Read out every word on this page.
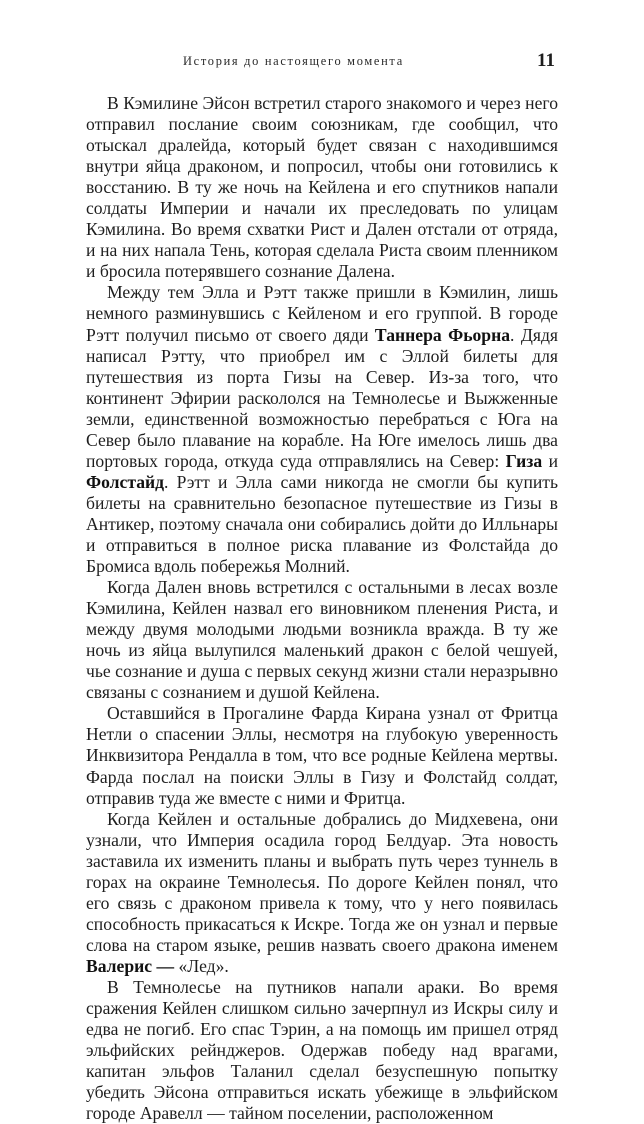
История до настоящего момента	11

В Кэмилине Эйсон встретил старого знакомого и через него отправил послание своим союзникам, где сообщил, что отыскал дралейда, который будет связан с находившимся внутри яйца драконом, и попросил, чтобы они готовились к восстанию. В ту же ночь на Кейлена и его спутников напали солдаты Империи и начали их преследовать по улицам Кэмилина. Во время схватки Рист и Дален отстали от отряда, и на них напала Тень, которая сделала Риста своим пленником и бросила потерявшего сознание Далена.

Между тем Элла и Рэтт также пришли в Кэмилин, лишь немного разминувшись с Кейленом и его группой. В городе Рэтт получил письмо от своего дяди Таннера Фьорна. Дядя написал Рэтту, что приобрел им с Эллой билеты для путешествия из порта Гизы на Север. Из-за того, что континент Эфирии раскололся на Темнолесье и Выжженные земли, единственной возможностью перебраться с Юга на Север было плавание на корабле. На Юге имелось лишь два портовых города, откуда суда отправлялись на Север: Гиза и Фолстайд. Рэтт и Элла сами никогда не смогли бы купить билеты на сравнительно безопасное путешествие из Гизы в Антикер, поэтому сначала они собирались дойти до Илльнары и отправиться в полное риска плавание из Фолстайда до Бромиса вдоль побережья Молний.

Когда Дален вновь встретился с остальными в лесах возле Кэмилина, Кейлен назвал его виновником пленения Риста, и между двумя молодыми людьми возникла вражда. В ту же ночь из яйца вылупился маленький дракон с белой чешуей, чье сознание и душа с первых секунд жизни стали неразрывно связаны с сознанием и душой Кейлена.

Оставшийся в Прогалине Фарда Кирана узнал от Фритца Нетли о спасении Эллы, несмотря на глубокую уверенность Инквизитора Рендалла в том, что все родные Кейлена мертвы. Фарда послал на поиски Эллы в Гизу и Фолстайд солдат, отправив туда же вместе с ними и Фритца.

Когда Кейлен и остальные добрались до Мидхевена, они узнали, что Империя осадила город Белдуар. Эта новость заставила их изменить планы и выбрать путь через туннель в горах на окраине Темнолесья. По дороге Кейлен понял, что его связь с драконом привела к тому, что у него появилась способность прикасаться к Искре. Тогда же он узнал и первые слова на старом языке, решив назвать своего дракона именем Валерис — «Лед».

В Темнолесье на путников напали араки. Во время сражения Кейлен слишком сильно зачерпнул из Искры силу и едва не погиб. Его спас Тэрин, а на помощь им пришел отряд эльфийских рейнджеров. Одержав победу над врагами, капитан эльфов Таланил сделал безуспешную попытку убедить Эйсона отправиться искать убежище в эльфийском городе Аравелл — тайном поселении, расположенном
